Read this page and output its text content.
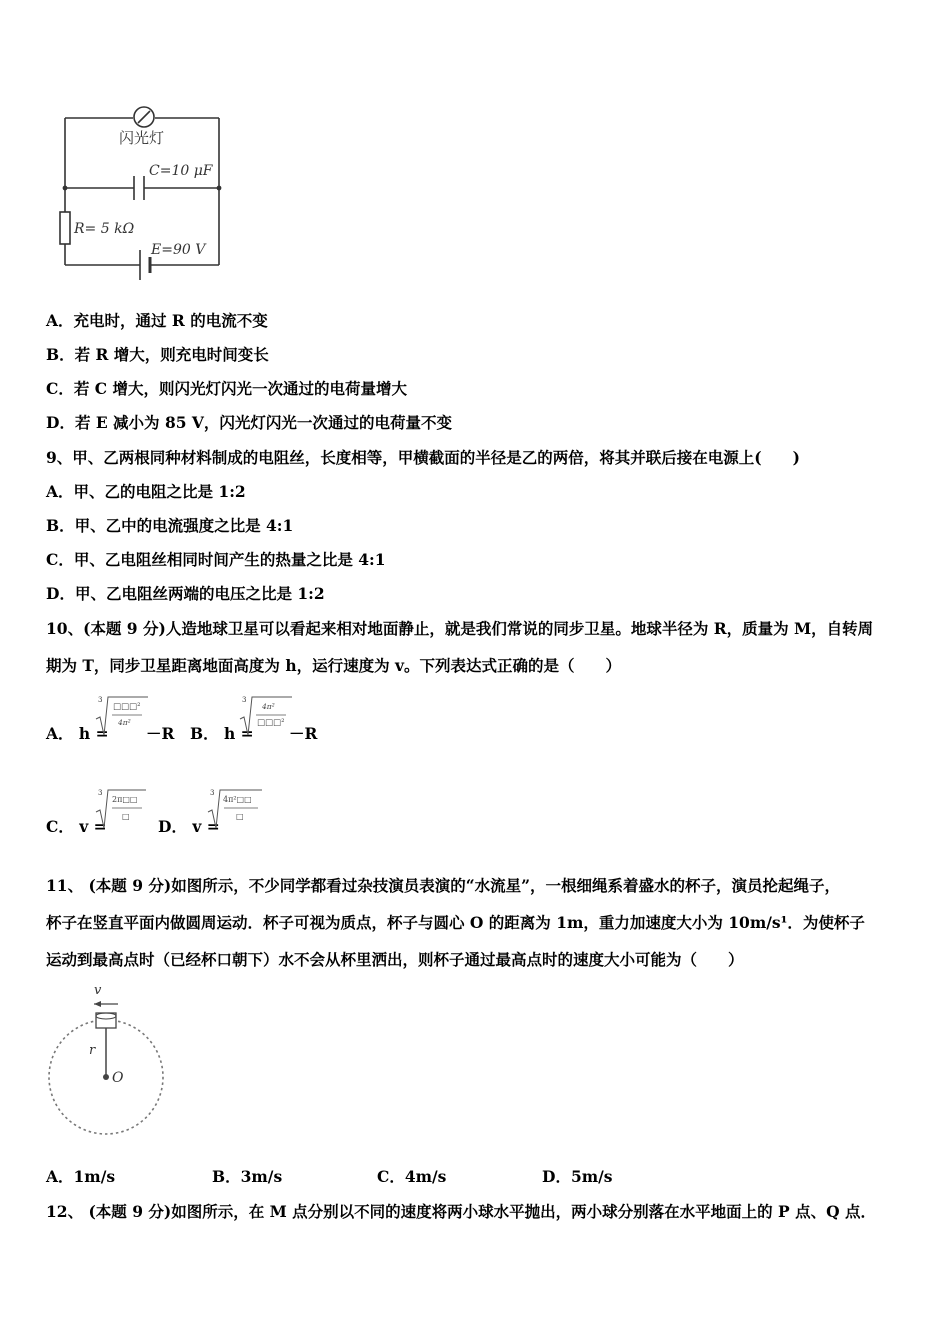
闪光灯
C=10 μF
R= 5 kΩ
E=90 V
A．充电时，通过 R 的电流不变
B．若 R 增大，则充电时间变长
C．若 C 增大，则闪光灯闪光一次通过的电荷量增大
D．若 E 减小为 85 V，闪光灯闪光一次通过的电荷量不变
9、甲、乙两根同种材料制成的电阻丝，长度相等，甲横截面的半径是乙的两倍，将其并联后接在电源上(　　)
A．甲、乙的电阻之比是 1:2
B．甲、乙中的电流强度之比是 4:1
C．甲、乙电阻丝相同时间产生的热量之比是 4:1
D．甲、乙电阻丝两端的电压之比是 1:2
10、(本题 9 分)人造地球卫星可以看起来相对地面静止，就是我们常说的同步卫星。地球半径为 R，质量为 M，自转周
期为 T，同步卫星距离地面高度为 h，运行速度为 v。下列表达式正确的是（　　）
A． h =
3
□□□²
4π²
－R B． h =
3
4π²
□□□²
－R
C． v =
3
2π□□
□
D． v =
3
4π²□□
□
11、 (本题 9 分)如图所示，不少同学都看过杂技演员表演的“水流星”，一根细绳系着盛水的杯子，演员抡起绳子，
杯子在竖直平面内做圆周运动．杯子可视为质点，杯子与圆心 O 的距离为 1m，重力加速度大小为 10m/s¹．为使杯子
运动到最高点时（已经杯口朝下）水不会从杯里洒出，则杯子通过最高点时的速度大小可能为（　　）
v
r
O
A．1m/s	B．3m/s	C．4m/s	D．5m/s
12、 (本题 9 分)如图所示，在 M 点分别以不同的速度将两小球水平抛出，两小球分别落在水平地面上的 P 点、Q 点．
